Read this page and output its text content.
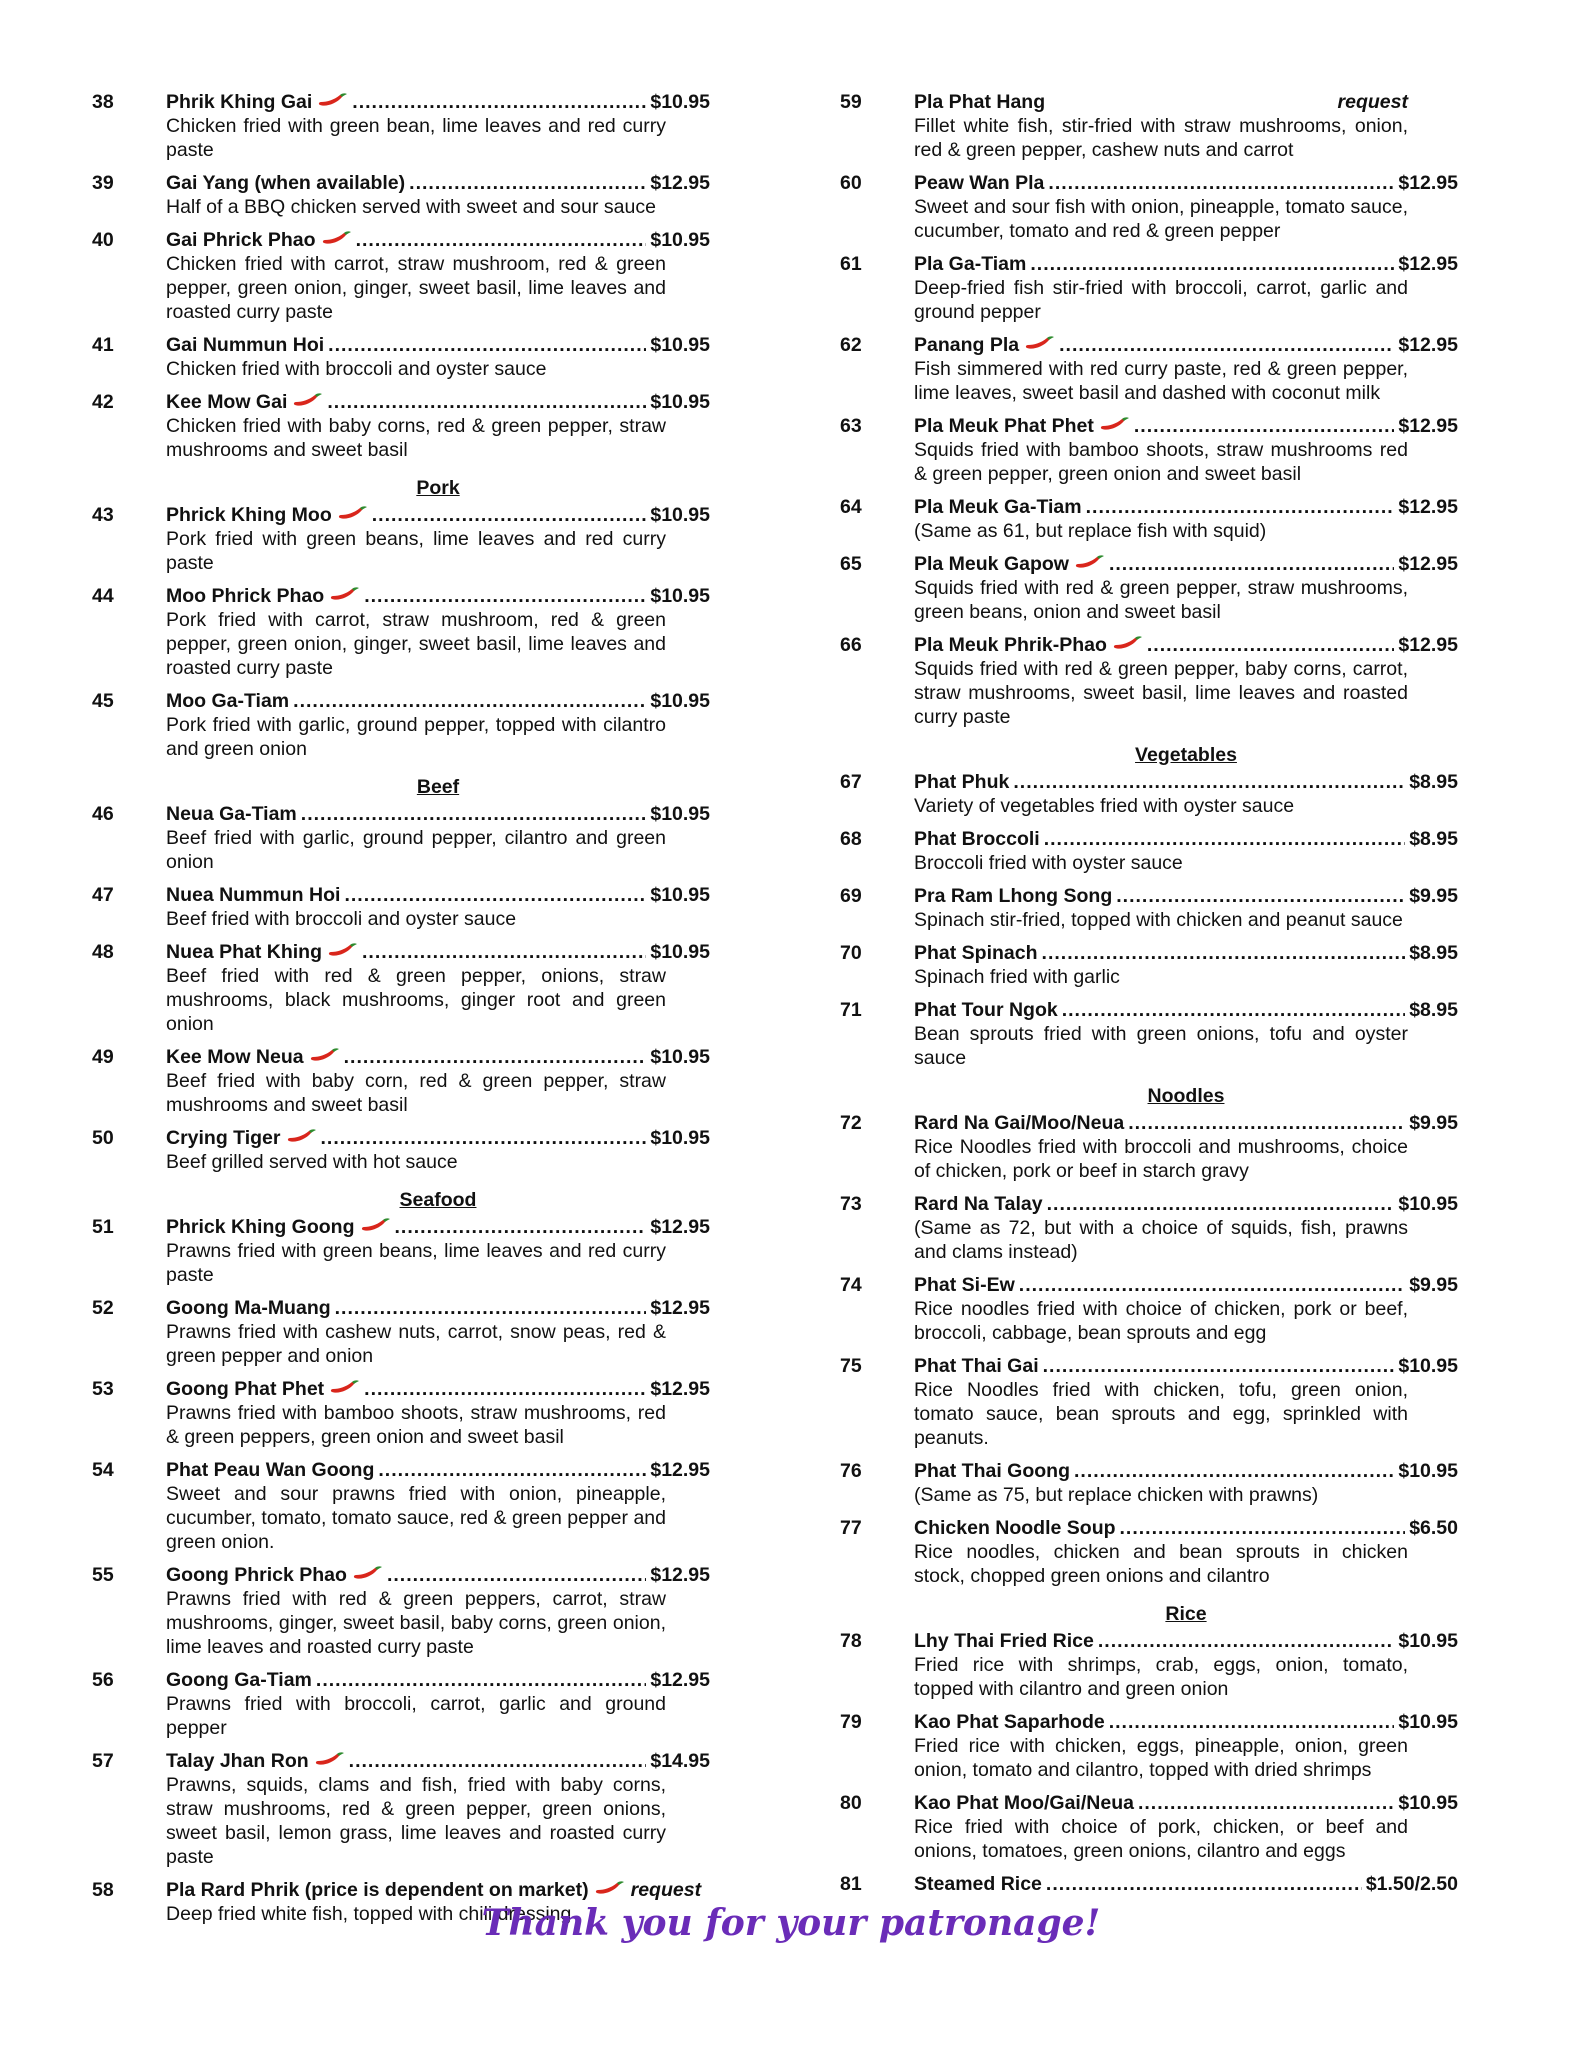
38	Phrik Khing Gai .....	$10.95
Chicken fried with green bean, lime leaves and red curry paste
39	Gai Yang (when available) .....	$12.95
Half of a BBQ chicken served with sweet and sour sauce
40	Gai Phrick Phao .....	$10.95
Chicken fried with carrot, straw mushroom, red & green pepper, green onion, ginger, sweet basil, lime leaves and roasted curry paste
41	Gai Nummun Hoi .....	$10.95
Chicken fried with broccoli and oyster sauce
42	Kee Mow Gai .....	$10.95
Chicken fried with baby corns, red & green pepper, straw mushrooms and sweet basil
Pork
43	Phrick Khing Moo .....	$10.95
Pork fried with green beans, lime leaves and red curry paste
44	Moo Phrick Phao .....	$10.95
Pork fried with carrot, straw mushroom, red & green pepper, green onion, ginger, sweet basil, lime leaves and roasted curry paste
45	Moo Ga-Tiam .....	$10.95
Pork fried with garlic, ground pepper, topped with cilantro and green onion
Beef
46	Neua Ga-Tiam .....	$10.95
Beef fried with garlic, ground pepper, cilantro and green onion
47	Nuea Nummun Hoi .....	$10.95
Beef fried with broccoli and oyster sauce
48	Nuea Phat Khing .....	$10.95
Beef fried with red & green pepper, onions, straw mushrooms, black mushrooms, ginger root and green onion
49	Kee Mow Neua .....	$10.95
Beef fried with baby corn, red & green pepper, straw mushrooms and sweet basil
50	Crying Tiger .....	$10.95
Beef grilled served with hot sauce
Seafood
51	Phrick Khing Goong .....	$12.95
Prawns fried with green beans, lime leaves and red curry paste
52	Goong Ma-Muang .....	$12.95
Prawns fried with cashew nuts, carrot, snow peas, red & green pepper and onion
53	Goong Phat Phet .....	$12.95
Prawns fried with bamboo shoots, straw mushrooms, red & green peppers, green onion and sweet basil
54	Phat Peau Wan Goong .....	$12.95
Sweet and sour prawns fried with onion, pineapple, cucumber, tomato, tomato sauce, red & green pepper and green onion.
55	Goong Phrick Phao .....	$12.95
Prawns fried with red & green peppers, carrot, straw mushrooms, ginger, sweet basil, baby corns, green onion, lime leaves and roasted curry paste
56	Goong Ga-Tiam .....	$12.95
Prawns fried with broccoli, carrot, garlic and ground pepper
57	Talay Jhan Ron .....	$14.95
Prawns, squids, clams and fish, fried with baby corns, straw mushrooms, red & green pepper, green onions, sweet basil, lemon grass, lime leaves and roasted curry paste
58	Pla Rard Phrik (price is dependent on market) request
Deep fried white fish, topped with chili dressing
59	Pla Phat Hang	request
Fillet white fish, stir-fried with straw mushrooms, onion, red & green pepper, cashew nuts and carrot
60	Peaw Wan Pla .....	$12.95
Sweet and sour fish with onion, pineapple, tomato sauce, cucumber, tomato and red & green pepper
61	Pla Ga-Tiam .....	$12.95
Deep-fried fish stir-fried with broccoli, carrot, garlic and ground pepper
62	Panang Pla .....	$12.95
Fish simmered with red curry paste, red & green pepper, lime leaves, sweet basil and dashed with coconut milk
63	Pla Meuk Phat Phet .....	$12.95
Squids fried with bamboo shoots, straw mushrooms red & green pepper, green onion and sweet basil
64	Pla Meuk Ga-Tiam .....	$12.95
(Same as 61, but replace fish with squid)
65	Pla Meuk Gapow .....	$12.95
Squids fried with red & green pepper, straw mushrooms, green beans, onion and sweet basil
66	Pla Meuk Phrik-Phao .....	$12.95
Squids fried with red & green pepper, baby corns, carrot, straw mushrooms, sweet basil, lime leaves and roasted curry paste
Vegetables
67	Phat Phuk .....	$8.95
Variety of vegetables fried with oyster sauce
68	Phat Broccoli .....	$8.95
Broccoli fried with oyster sauce
69	Pra Ram Lhong Song .....	$9.95
Spinach stir-fried, topped with chicken and peanut sauce
70	Phat Spinach .....	$8.95
Spinach fried with garlic
71	Phat Tour Ngok .....	$8.95
Bean sprouts fried with green onions, tofu and oyster sauce
Noodles
72	Rard Na Gai/Moo/Neua .....	$9.95
Rice Noodles fried with broccoli and mushrooms, choice of chicken, pork or beef in starch gravy
73	Rard Na Talay .....	$10.95
(Same as 72, but with a choice of squids, fish, prawns and clams instead)
74	Phat Si-Ew .....	$9.95
Rice noodles fried with choice of chicken, pork or beef, broccoli, cabbage, bean sprouts and egg
75	Phat Thai Gai .....	$10.95
Rice Noodles fried with chicken, tofu, green onion, tomato sauce, bean sprouts and egg, sprinkled with peanuts.
76	Phat Thai Goong .....	$10.95
(Same as 75, but replace chicken with prawns)
77	Chicken Noodle Soup .....	$6.50
Rice noodles, chicken and bean sprouts in chicken stock, chopped green onions and cilantro
Rice
78	Lhy Thai Fried Rice .....	$10.95
Fried rice with shrimps, crab, eggs, onion, tomato, topped with cilantro and green onion
79	Kao Phat Saparhode .....	$10.95
Fried rice with chicken, eggs, pineapple, onion, green onion, tomato and cilantro, topped with dried shrimps
80	Kao Phat Moo/Gai/Neua .....	$10.95
Rice fried with choice of pork, chicken, or beef and onions, tomatoes, green onions, cilantro and eggs
81	Steamed Rice .....	$1.50/2.50
Thank you for your patronage!
